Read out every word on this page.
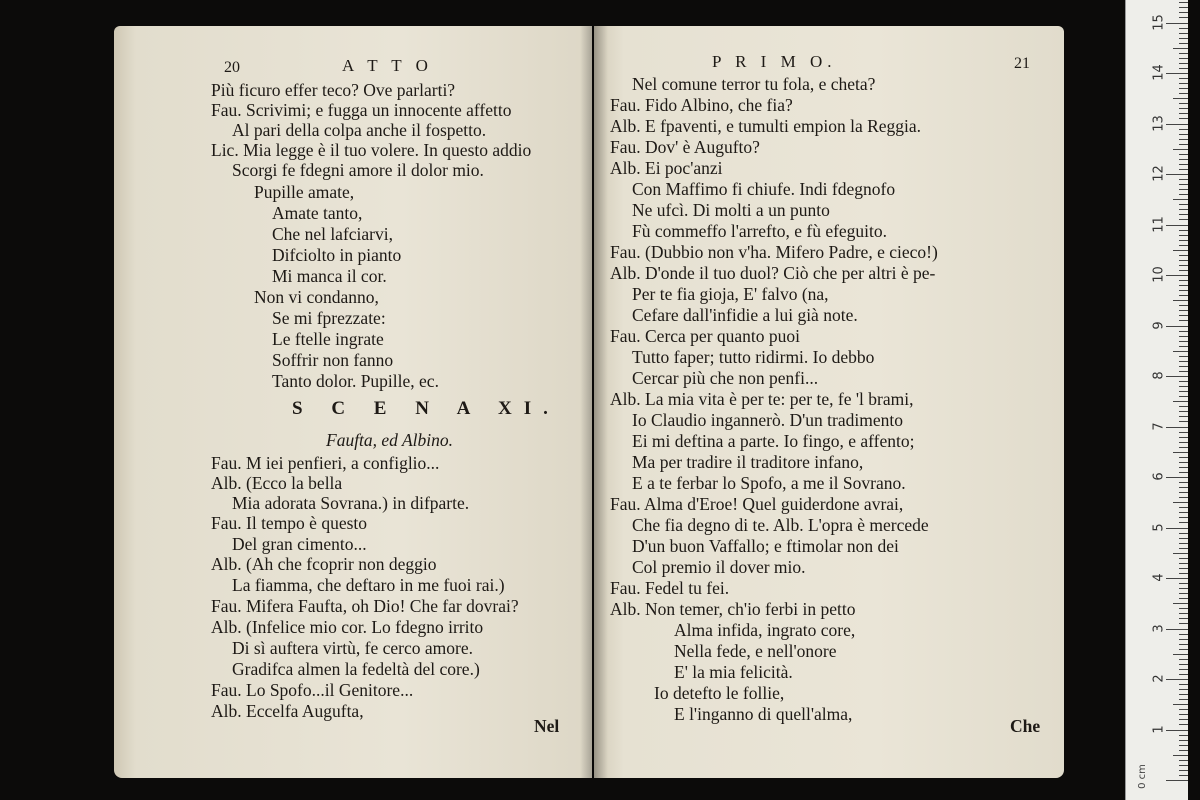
20	A T T O
Più ficuro effer teco? Ove parlarti?
Fau. Scrivimi; e fugga un innocente affetto
Al pari della colpa anche il fospetto.
Lic. Mia legge è il tuo volere. In questo addio
Scorgi fe fdegni amore il dolor mio.
Pupille amate,
Amate tanto,
Che nel lafciarvi,
Difciolto in pianto
Mi manca il cor.
Non vi condanno,
Se mi fprezzate:
Le ftelle ingrate
Soffrir non fanno
Tanto dolor. Pupille, ec.
S C E N A XI.
Faufta, ed Albino.
Fau. M iei penfieri, a configlio...
Alb. (Ecco la bella
Mia adorata Sovrana.) in difparte.
Fau. Il tempo è questo
Del gran cimento...
Alb. (Ah che fcoprir non deggio
La fiamma, che deftaro in me fuoi rai.)
Fau. Mifera Faufta, oh Dio! Che far dovrai?
Alb. (Infelice mio cor. Lo fdegno irrito
Di sì auftera virtù, fe cerco amore.
Gradifca almen la fedeltà del core.)
Fau. Lo Spofo...il Genitore...
Alb. Eccelfa Augufta,
Nel
P R I M O.	21
Nel comune terror tu fola, e cheta?
Fau. Fido Albino, che fia?
Alb. E fpaventi, e tumulti empion la Reggia.
Fau. Dov' è Augufto?
Alb. Ei poc'anzi
Con Maffimo fi chiufe. Indi fdegnofo
Ne ufcì. Di molti a un punto
Fù commeffo l'arrefto, e fù efeguito.
Fau. (Dubbio non v'ha. Mifero Padre, e cieco!)
Alb. D'onde il tuo duol? Ciò che per altri è pe-
Per te fia gioja, E' falvo (na,
Cefare dall'infidie a lui già note.
Fau. Cerca per quanto puoi
Tutto faper; tutto ridirmi. Io debbo
Cercar più che non penfi...
Alb. La mia vita è per te: per te, fe 'l brami,
Io Claudio ingannerò. D'un tradimento
Ei mi deftina a parte. Io fingo, e affento;
Ma per tradire il traditore infano,
E a te ferbar lo Spofo, a me il Sovrano.
Fau. Alma d'Eroe! Quel guiderdone avrai,
Che fia degno di te. Alb. L'opra è mercede
D'un buon Vaffallo; e ftimolar non dei
Col premio il dover mio.
Fau. Fedel tu fei.
Alb. Non temer, ch'io ferbi in petto
Alma infida, ingrato core,
Nella fede, e nell'onore
E' la mia felicità.
Io detefto le follie,
E l'inganno di quell'alma,
Che
0 cm
1
2
3
4
5
6
7
8
9
10
11
12
13
14
15
